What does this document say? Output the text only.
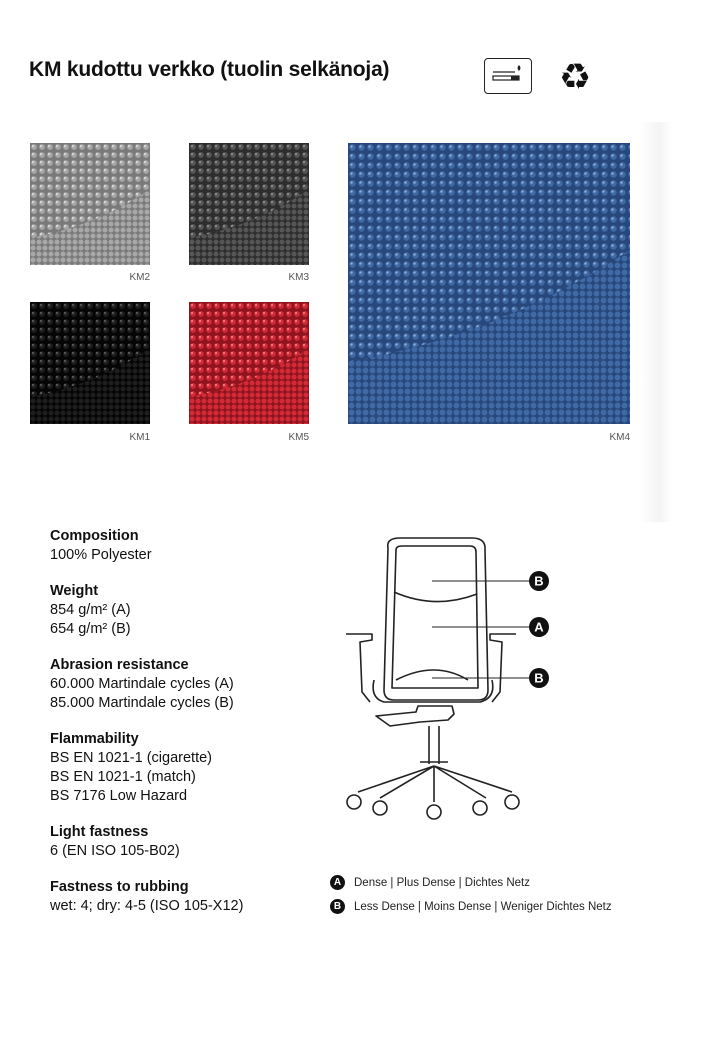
KM kudottu verkko (tuolin selkänoja)	♻
KM2	KM3
KM1	KM5	KM4
Composition
100% Polyester
Weight
854 g/m² (A)
654 g/m² (B)
Abrasion resistance
60.000 Martindale cycles (A)
85.000 Martindale cycles (B)
Flammability
BS EN 1021-1 (cigarette)
BS EN 1021-1 (match)
BS 7176 Low Hazard
Light fastness
6 (EN ISO 105-B02)
Fastness to rubbing
wet: 4; dry: 4-5 (ISO 105-X12)
B
A
B
A	Dense | Plus Dense | Dichtes Netz
B	Less Dense | Moins Dense | Weniger Dichtes Netz
